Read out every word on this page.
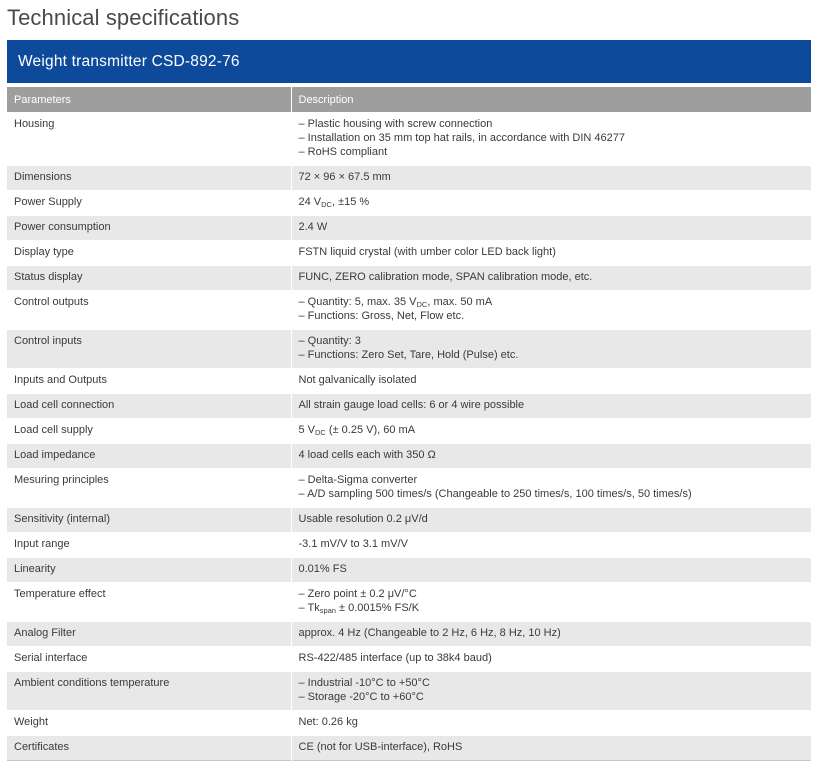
Technical specifications
Weight transmitter CSD-892-76
Parameters	Description
Housing	– Plastic housing with screw connection
– Installation on 35 mm top hat rails, in accordance with DIN 46277
– RoHS compliant

Dimensions	72 × 96 × 67.5 mm

Power Supply	24 $V_{DC}$, ±15 %

Power consumption	2.4 W

Display type	FSTN liquid crystal (with umber color LED back light)

Status display	FUNC, ZERO calibration mode, SPAN calibration mode, etc.

Control outputs	– Quantity: 5, max. 35 $V_{DC}$, max. 50 mA
– Functions: Gross, Net, Flow etc.

Control inputs	– Quantity: 3
– Functions: Zero Set, Tare, Hold (Pulse) etc.

Inputs and Outputs	Not galvanically isolated

Load cell connection	All strain gauge load cells: 6 or 4 wire possible

Load cell supply	5 $V_{DC}$ (± 0.25 V), 60 mA

Load impedance	4 load cells each with 350 Ω

Mesuring principles	– Delta-Sigma converter
– A/D sampling 500 times/s (Changeable to 250 times/s, 100 times/s, 50 times/s)

Sensitivity (internal)	Usable resolution 0.2 μV/d

Input range	-3.1 mV/V to 3.1 mV/V

Linearity	0.01% FS

Temperature effect	– Zero point ± 0.2 μV/°C
– $Tk_{span} \pm 0.0015\%$ FS/K

Analog Filter	approx. 4 Hz (Changeable to 2 Hz, 6 Hz, 8 Hz, 10 Hz)

Serial interface	RS-422/485 interface (up to 38k4 baud)

Ambient conditions temperature	– Industrial -10°C to +50°C
– Storage -20°C to +60°C

Weight	Net: 0.26 kg

Certificates	CE (not for USB-interface), RoHS
